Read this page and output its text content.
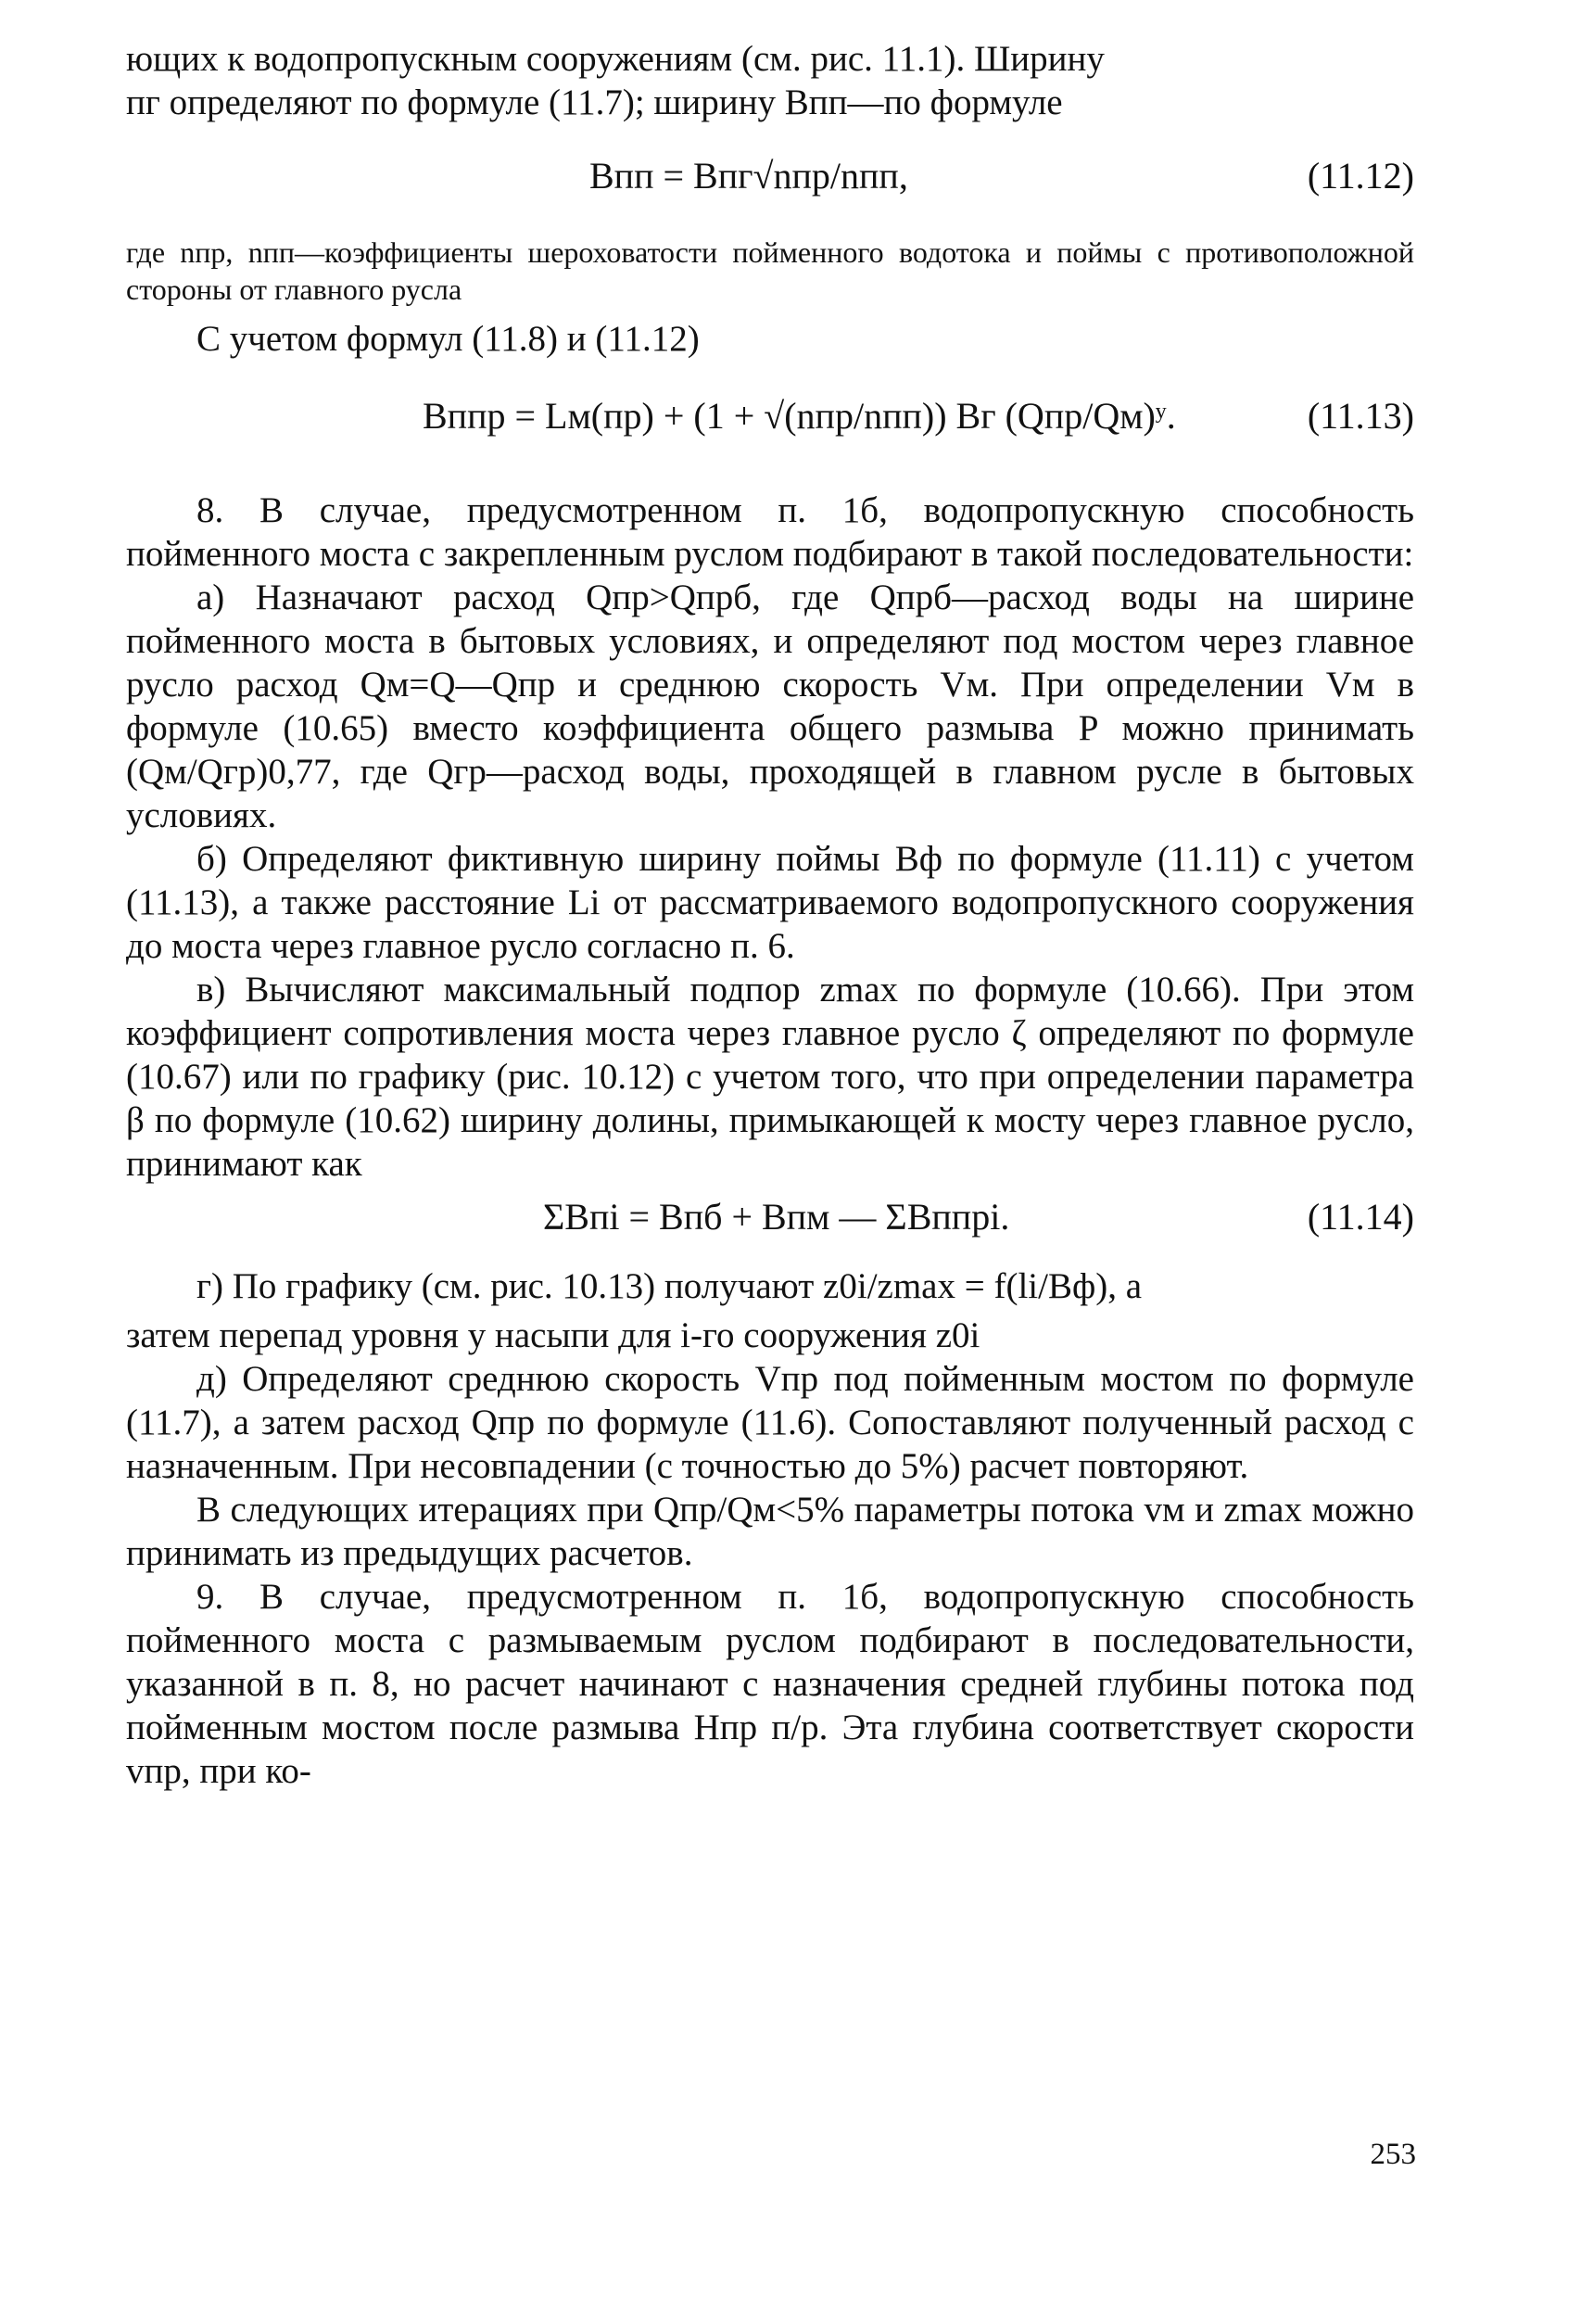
ющих к водопропускным сооружениям (см. рис. 11.1). Ширину

пг определяют по формуле (11.7); ширину Bпп—по формуле

Bпп = Bпг√nпр/nпп,	(11.12)

где nпр, nпп—коэффициенты шероховатости пойменного водотока и поймы с противоположной стороны от главного русла

С учетом формул (11.8) и (11.12)

Bппр = Lм(пр) + (1 + √(nпр/nпп)) Bг (Qпр/Qм)ʸ.	(11.13)

8. В случае, предусмотренном п. 1б, водопропускную способность пойменного моста с закрепленным руслом подбирают в такой последовательности:

а) Назначают расход Qпр>Qпрб, где Qпрб—расход воды на ширине пойменного моста в бытовых условиях, и определяют под мостом через главное русло расход Qм=Q—Qпр и среднюю скорость Vм. При определении Vм в формуле (10.65) вместо коэффициента общего размыва P можно принимать (Qм/Qгр)0,77, где Qгр—расход воды, проходящей в главном русле в бытовых условиях.

б) Определяют фиктивную ширину поймы Bф по формуле (11.11) с учетом (11.13), а также расстояние Li от рассматриваемого водопропускного сооружения до моста через главное русло согласно п. 6.

в) Вычисляют максимальный подпор zmax по формуле (10.66). При этом коэффициент сопротивления моста через главное русло ζ определяют по формуле (10.67) или по графику (рис. 10.12) с учетом того, что при определении параметра β по формуле (10.62) ширину долины, примыкающей к мосту через главное русло, принимают как

ΣBпi = Bпб + Bпм — ΣBппрi.	(11.14)

г) По графику (см. рис. 10.13) получают z0i/zmax = f(li/Bф), а

затем перепад уровня у насыпи для i-го сооружения z0i

д) Определяют среднюю скорость Vпр под пойменным мостом по формуле (11.7), а затем расход Qпр по формуле (11.6). Сопоставляют полученный расход с назначенным. При несовпадении (с точностью до 5%) расчет повторяют.

В следующих итерациях при Qпр/Qм<5% параметры потока vм и zmax можно принимать из предыдущих расчетов.

9. В случае, предусмотренном п. 1б, водопропускную способность пойменного моста с размываемым руслом подбирают в последовательности, указанной в п. 8, но расчет начинают с назначения средней глубины потока под пойменным мостом после размыва Hпр п/р. Эта глубина соответствует скорости vпр, при ко-

253
